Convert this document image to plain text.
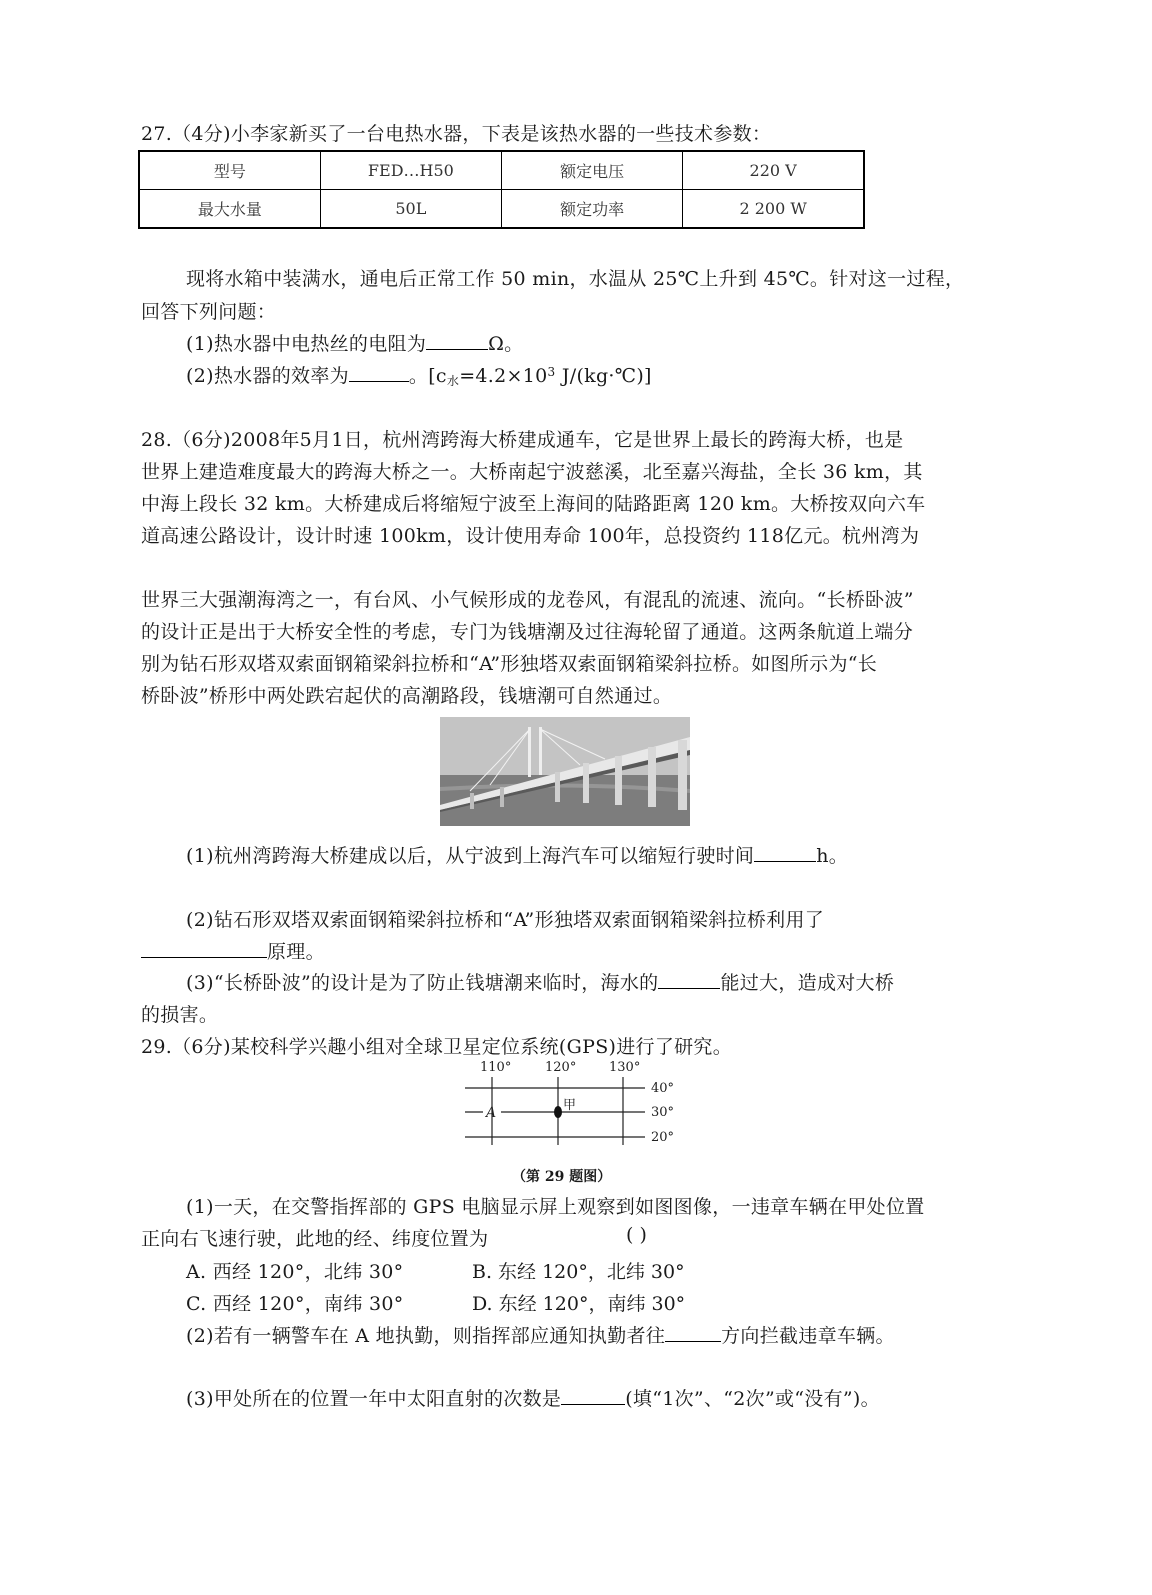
27.（4分)小李家新买了一台电热水器，下表是该热水器的一些技术参数：
型号	FED…H50	额定电压	220 V
最大水量	50L	额定功率	2 200 W
现将水箱中装满水，通电后正常工作 50 min，水温从 25℃上升到 45℃。针对这一过程，
回答下列问题：
(1)热水器中电热丝的电阻为	Ω。
(2)热水器的效率为	。[$c_水=4.2\times 10^3$ J/(kg·℃)]
28.（6分)2008年5月1日，杭州湾跨海大桥建成通车，它是世界上最长的跨海大桥，也是
世界上建造难度最大的跨海大桥之一。大桥南起宁波慈溪，北至嘉兴海盐，全长 36 km，其
中海上段长 32 km。大桥建成后将缩短宁波至上海间的陆路距离 120 km。大桥按双向六车
道高速公路设计，设计时速 100km，设计使用寿命 100年，总投资约 118亿元。杭州湾为
世界三大强潮海湾之一，有台风、小气候形成的龙卷风，有混乱的流速、流向。“长桥卧波”
的设计正是出于大桥安全性的考虑，专门为钱塘潮及过往海轮留了通道。这两条航道上端分
别为钻石形双塔双索面钢箱梁斜拉桥和“A”形独塔双索面钢箱梁斜拉桥。如图所示为“长
桥卧波”桥形中两处跌宕起伏的高潮路段，钱塘潮可自然通过。
(1)杭州湾跨海大桥建成以后，从宁波到上海汽车可以缩短行驶时间	h。
(2)钻石形双塔双索面钢箱梁斜拉桥和“A”形独塔双索面钢箱梁斜拉桥利用了
原理。
(3)“长桥卧波”的设计是为了防止钱塘潮来临时，海水的	能过大，造成对大桥
的损害。
29.（6分)某校科学兴趣小组对全球卫星定位系统(GPS)进行了研究。
110°	120°	130°
40°
30°
20°
A	甲
（第 29 题图）
(1)一天，在交警指挥部的 GPS 电脑显示屏上观察到如图图像，一违章车辆在甲处位置
正向右飞速行驶，此地的经、纬度位置为	( )
A. 西经 120°，北纬 30°	B. 东经 120°，北纬 30°
C. 西经 120°，南纬 30°	D. 东经 120°，南纬 30°
(2)若有一辆警车在 A 地执勤，则指挥部应通知执勤者往	方向拦截违章车辆。
(3)甲处所在的位置一年中太阳直射的次数是	(填“1次”、“2次”或“没有”)。
